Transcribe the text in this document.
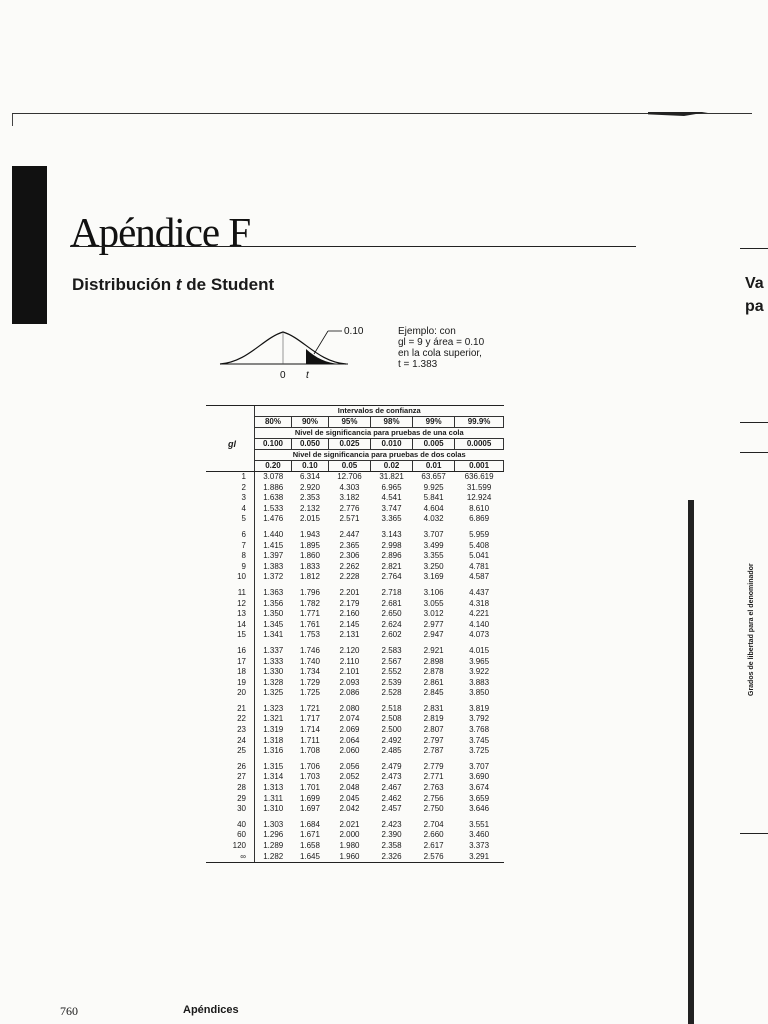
Apéndice F
Distribución t de Student
0.10
0 t
Ejemplo: con
gl = 9 y área = 0.10
en la cola superior,
t = 1.383
	Intervalos de confianza					
	80%	90%	95%	98%	99%	99.9%
	Nivel de significancia para pruebas de una cola					
gl	0.100	0.050	0.025	0.010	0.005	0.0005
	Nivel de significancia para pruebas de dos colas					
	0.20	0.10	0.05	0.02	0.01	0.001
1	3.078	6.314	12.706	31.821	63.657	636.619
2	1.886	2.920	4.303	6.965	9.925	31.599
3	1.638	2.353	3.182	4.541	5.841	12.924
4	1.533	2.132	2.776	3.747	4.604	8.610
5	1.476	2.015	2.571	3.365	4.032	6.869
6	1.440	1.943	2.447	3.143	3.707	5.959
7	1.415	1.895	2.365	2.998	3.499	5.408
8	1.397	1.860	2.306	2.896	3.355	5.041
9	1.383	1.833	2.262	2.821	3.250	4.781
10	1.372	1.812	2.228	2.764	3.169	4.587
11	1.363	1.796	2.201	2.718	3.106	4.437
12	1.356	1.782	2.179	2.681	3.055	4.318
13	1.350	1.771	2.160	2.650	3.012	4.221
14	1.345	1.761	2.145	2.624	2.977	4.140
15	1.341	1.753	2.131	2.602	2.947	4.073
16	1.337	1.746	2.120	2.583	2.921	4.015
17	1.333	1.740	2.110	2.567	2.898	3.965
18	1.330	1.734	2.101	2.552	2.878	3.922
19	1.328	1.729	2.093	2.539	2.861	3.883
20	1.325	1.725	2.086	2.528	2.845	3.850
21	1.323	1.721	2.080	2.518	2.831	3.819
22	1.321	1.717	2.074	2.508	2.819	3.792
23	1.319	1.714	2.069	2.500	2.807	3.768
24	1.318	1.711	2.064	2.492	2.797	3.745
25	1.316	1.708	2.060	2.485	2.787	3.725
26	1.315	1.706	2.056	2.479	2.779	3.707
27	1.314	1.703	2.052	2.473	2.771	3.690
28	1.313	1.701	2.048	2.467	2.763	3.674
29	1.311	1.699	2.045	2.462	2.756	3.659
30	1.310	1.697	2.042	2.457	2.750	3.646
40	1.303	1.684	2.021	2.423	2.704	3.551
60	1.296	1.671	2.000	2.390	2.660	3.460
120	1.289	1.658	1.980	2.358	2.617	3.373
∞	1.282	1.645	1.960	2.326	2.576	3.291
760	Apéndices
Va
pa
Grados de libertad para el denominador
